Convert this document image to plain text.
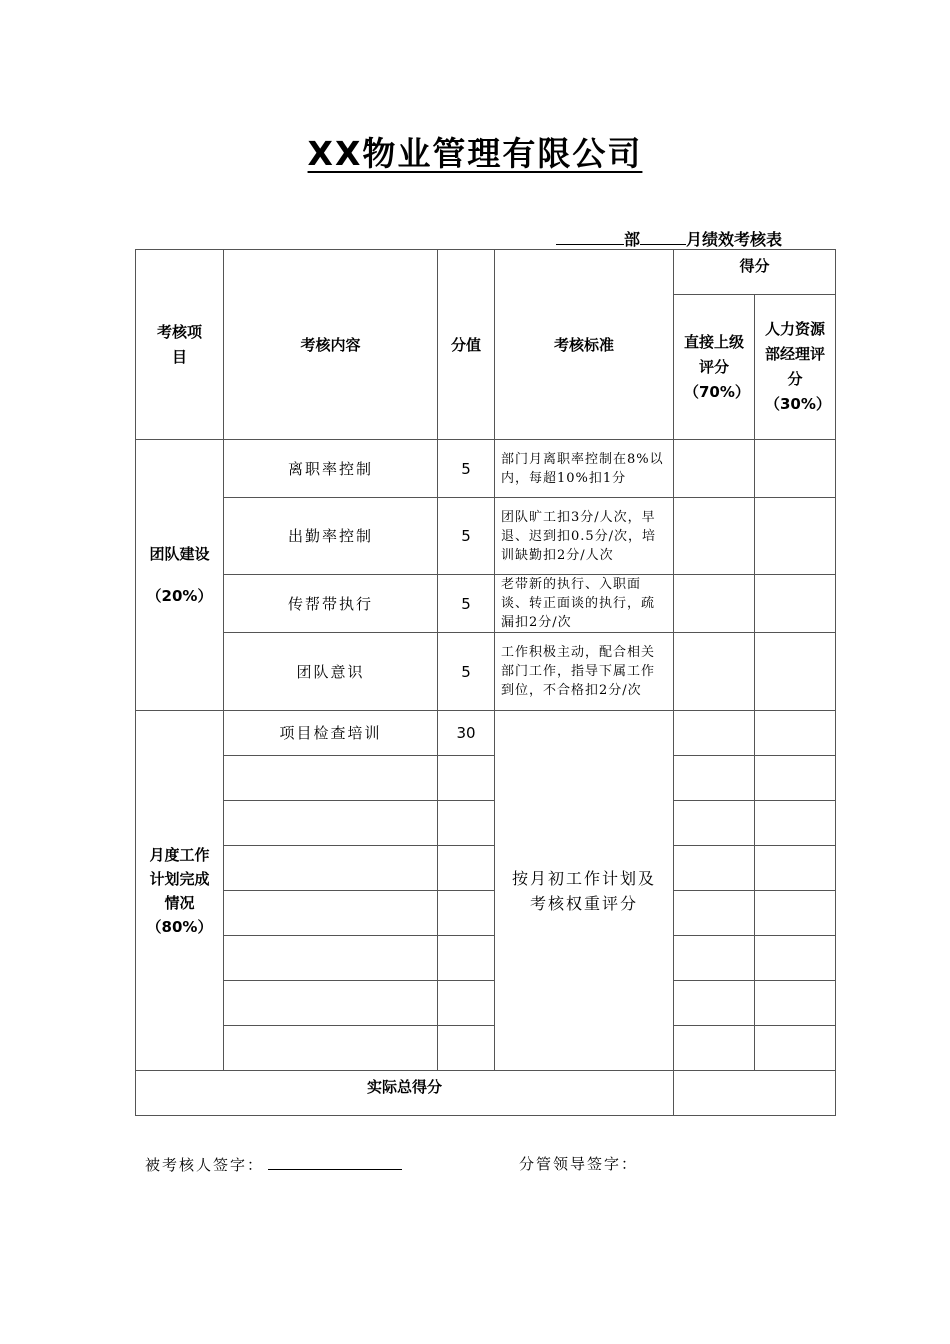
XX物业管理有限公司
部	月绩效考核表
考核项目	考核内容	分值	考核标准	得分	

				直接上级评分（70%）	人力资源部经理评分（30%）

团队建设
（20%）	离职率控制	5	部门月离职率控制在8%以内，每超10%扣1分		
	出勤率控制	5	团队旷工扣3分/人次，早退、迟到扣0.5分/次，培训缺勤扣2分/人次		
	传帮带执行	5	老带新的执行、入职面谈、转正面谈的执行，疏漏扣2分/次		
	团队意识	5	工作积极主动，配合相关部门工作，指导下属工作到位，不合格扣2分/次		

月度工作计划完成情况
（80%）	项目检查培训	30	按月初工作计划及考核权重评分		

实际总得分					
被考核人签字：	分管领导签字：
